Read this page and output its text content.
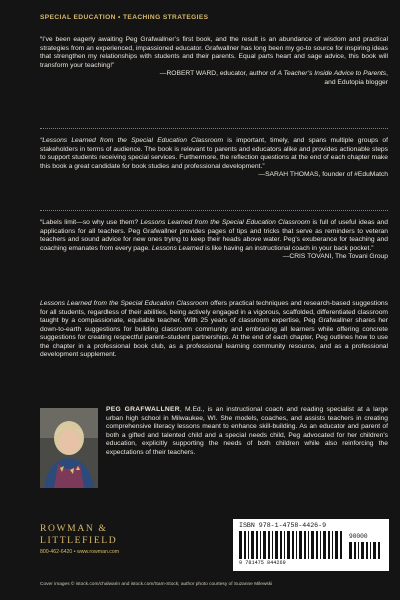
SPECIAL EDUCATION • TEACHING STRATEGIES
“I’ve been eagerly awaiting Peg Grafwallner’s first book, and the result is an abundance of wisdom and practical strategies from an experienced, impassioned educator. Grafwallner has long been my go-to source for inspiring ideas that strengthen my relationships with students and their parents. Equal parts heart and sage advice, this book will transform your teaching!”
—ROBERT WARD, educator, author of A Teacher’s Inside Advice to Parents,
and Edutopia blogger
“Lessons Learned from the Special Education Classroom is important, timely, and spans multiple groups of stakeholders in terms of audience. The book is relevant to parents and educators alike and provides actionable steps to support students receiving special services. Furthermore, the reflection questions at the end of each chapter make this book a great candidate for book studies and professional development.”
—SARAH THOMAS, founder of #EduMatch
“Labels limit—so why use them? Lessons Learned from the Special Education Classroom is full of useful ideas and applications for all teachers. Peg Grafwallner provides pages of tips and tricks that serve as reminders to veteran teachers and sound advice for new ones trying to keep their heads above water. Peg’s exuberance for teaching and coaching emanates from every page. Lessons Learned is like having an instructional coach in your back pocket.”
—CRIS TOVANI, The Tovani Group
Lessons Learned from the Special Education Classroom offers practical techniques and research-based suggestions for all students, regardless of their abilities, being actively engaged in a vigorous, scaffolded, differentiated classroom taught by a compassionate, equitable teacher. With 25 years of classroom expertise, Peg Grafwallner shares her down-to-earth suggestions for building classroom community and embracing all learners while offering concrete suggestions for creating respectful parent–student partnerships. At the end of each chapter, Peg outlines how to use the chapter in a professional book club, as a professional learning community resource, and as a professional development supplement.
PEG GRAFWALLNER, M.Ed., is an instructional coach and reading specialist at a large urban high school in Milwaukee, WI. She models, coaches, and assists teachers in creating comprehensive literacy lessons meant to enhance skill-building. As an educator and parent of both a gifted and talented child and a special needs child, Peg advocated for her children’s education, explicitly supporting the needs of both children while also reinforcing the expectations of their teachers.
ROWMAN &
LITTLEFIELD
800-462-6420 • www.rowman.com
ISBN 978-1-4758-4426-9
9 781475 844269
90000
Cover images © istock.com/chalwarin and istock.com/Sam-Stock; author photo courtesy of Suzanne Milewski
